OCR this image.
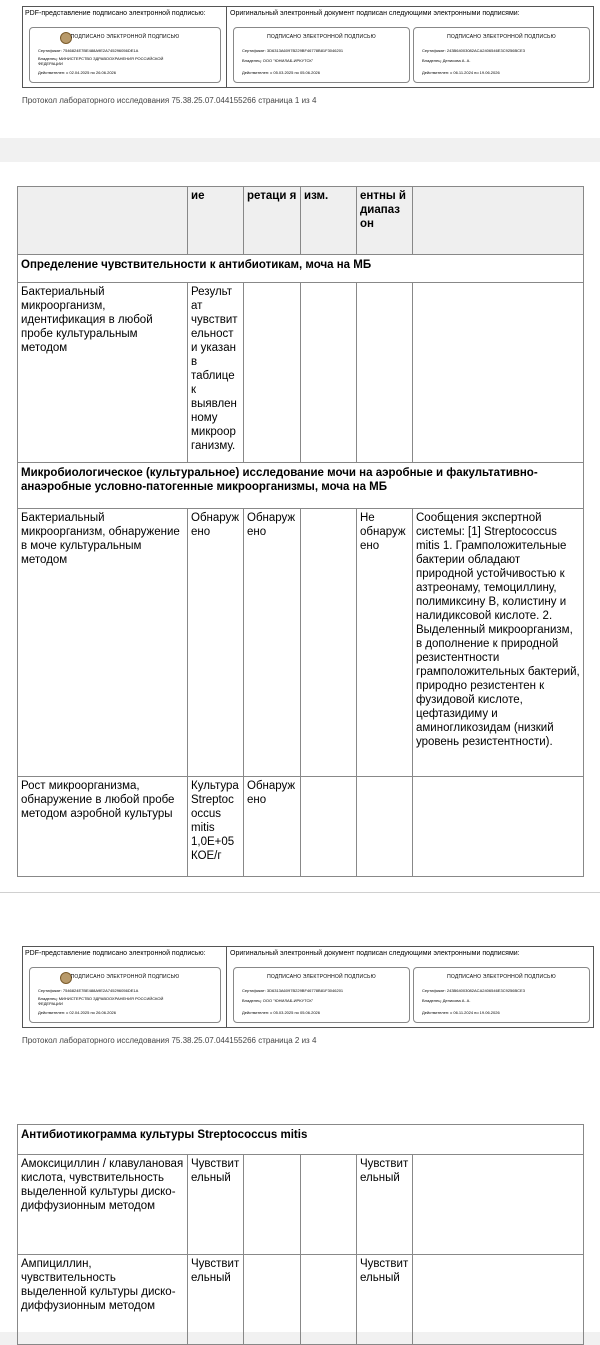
PDF-представление подписано электронной подписью:	Оригинальный электронный документ подписан следующими электронными подписями:
ПОДПИСАНО ЭЛЕКТРОННОЙ ПОДПИСЬЮ
Сертификат: 7546824E7BE488A9E2A745296056DE1A
Владелец: МИНИСТЕРСТВО ЗДРАВООХРАНЕНИЯ РОССИЙСКОЙ
ФЕДЕРАЦИИ
Действителен: с 02.04.2025 по 26.06.2026
ПОДПИСАНО ЭЛЕКТРОННОЙ ПОДПИСЬЮ
Сертификат: 3D6313A6097B229BF46778B81F3046201
Владелец: ООО "ЮНИЛАБ-ИРКУТСК"
Действителен: с 05.03.2025 по 05.06.2026
ПОДПИСАНО ЭЛЕКТРОННОЙ ПОДПИСЬЮ
Сертификат: 243B64003082ACA2406546E3C9256BCE3
Владелец: Денисова А. А.
Действителен: с 06.11.2024 по 19.06.2026
Протокол лабораторного исследования 75.38.25.07.044155266 страница 1 из 4
	ие	ретаци я	изм.	ентны й диапаз он	
Определение чувствительности к антибиотикам, моча на МБ					
Бактериальный микроорганизм, идентификация в любой пробе культуральным методом	Результ ат чувствит ельност и указан в таблице к выявлен ному микроор ганизму.				
Микробиологическое (культуральное) исследование мочи на аэробные и факультативно-анаэробные условно-патогенные микроорганизмы, моча на МБ					
Бактериальный микроорганизм, обнаружение в моче культуральным методом	Обнаруж ено	Обнаруж ено		Не обнаруж ено	Сообщения экспертной системы: [1] Streptococcus mitis 1. Грамположительные бактерии обладают природной устойчивостью к азтреонаму, темоциллину, полимиксину B, колистину и налидиксовой кислоте. 2. Выделенный микроорганизм, в дополнение к природной резистентности грамположительных бактерий, природно резистентен к фузидовой кислоте, цефтазидиму и аминогликозидам (низкий уровень резистентности).
Рост микроорганизма, обнаружение в любой пробе методом аэробной культуры	Культура Streptoc occus mitis 1,0E+05 КОЕ/г	Обнаруж ено			
PDF-представление подписано электронной подписью:	Оригинальный электронный документ подписан следующими электронными подписями:
ПОДПИСАНО ЭЛЕКТРОННОЙ ПОДПИСЬЮ
Сертификат: 7546824E7BE488A9E2A745296056DE1A
Владелец: МИНИСТЕРСТВО ЗДРАВООХРАНЕНИЯ РОССИЙСКОЙ
ФЕДЕРАЦИИ
Действителен: с 02.04.2025 по 26.06.2026
ПОДПИСАНО ЭЛЕКТРОННОЙ ПОДПИСЬЮ
Сертификат: 3D6313A6097B229BF46778B81F3046201
Владелец: ООО "ЮНИЛАБ-ИРКУТСК"
Действителен: с 05.03.2025 по 05.06.2026
ПОДПИСАНО ЭЛЕКТРОННОЙ ПОДПИСЬЮ
Сертификат: 243B64003082ACA2406546E3C9256BCE3
Владелец: Денисова А. А.
Действителен: с 06.11.2024 по 19.06.2026
Протокол лабораторного исследования 75.38.25.07.044155266 страница 2 из 4
Антибиотикограмма культуры Streptococcus mitis					
Амоксициллин / клавулановая кислота, чувствительность выделенной культуры диско-диффузионным методом	Чувствит ельный			Чувствит ельный	
Ампициллин, чувствительность выделенной культуры диско-диффузионным методом	Чувствит ельный			Чувствит ельный	
